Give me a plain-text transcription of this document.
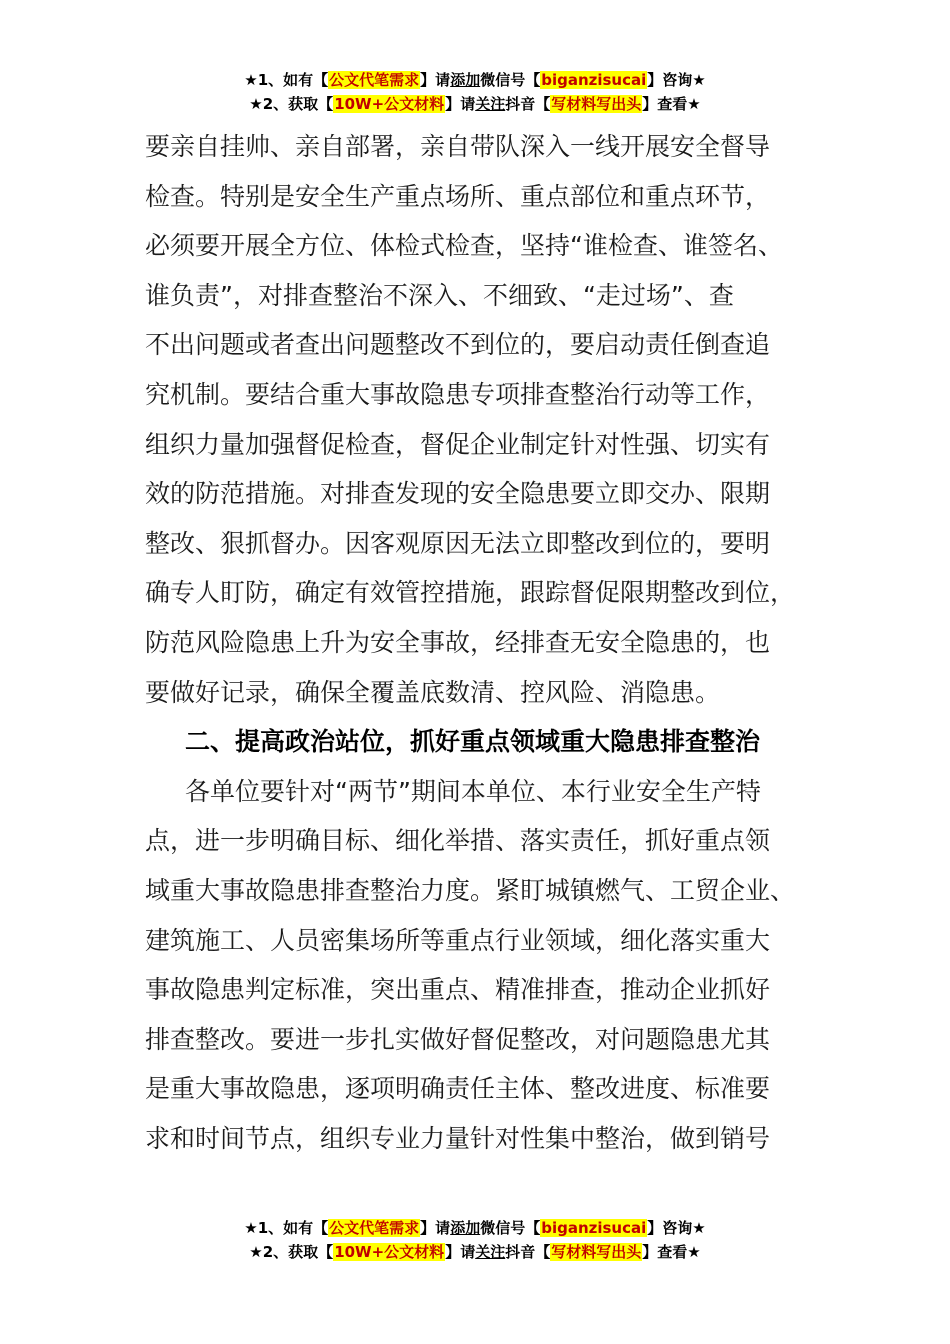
★1、如有【公文代笔需求】请添加微信号【biganzisucai】咨询★
★2、获取【10W+公文材料】请关注抖音【写材料写出头】查看★
要亲自挂帅、亲自部署，亲自带队深入一线开展安全督导
检查。特别是安全生产重点场所、重点部位和重点环节，
必须要开展全方位、体检式检查，坚持“谁检查、谁签名、
谁负责”，对排查整治不深入、不细致、“走过场”、查
不出问题或者查出问题整改不到位的，要启动责任倒查追
究机制。要结合重大事故隐患专项排查整治行动等工作，
组织力量加强督促检查，督促企业制定针对性强、切实有
效的防范措施。对排查发现的安全隐患要立即交办、限期
整改、狠抓督办。因客观原因无法立即整改到位的，要明
确专人盯防，确定有效管控措施，跟踪督促限期整改到位，
防范风险隐患上升为安全事故，经排查无安全隐患的，也
要做好记录，确保全覆盖底数清、控风险、消隐患。
二、提高政治站位，抓好重点领域重大隐患排查整治
各单位要针对“两节”期间本单位、本行业安全生产特
点，进一步明确目标、细化举措、落实责任，抓好重点领
域重大事故隐患排查整治力度。紧盯城镇燃气、工贸企业、
建筑施工、人员密集场所等重点行业领域，细化落实重大
事故隐患判定标准，突出重点、精准排查，推动企业抓好
排查整改。要进一步扎实做好督促整改，对问题隐患尤其
是重大事故隐患，逐项明确责任主体、整改进度、标准要
求和时间节点，组织专业力量针对性集中整治，做到销号
★1、如有【公文代笔需求】请添加微信号【biganzisucai】咨询★
★2、获取【10W+公文材料】请关注抖音【写材料写出头】查看★
